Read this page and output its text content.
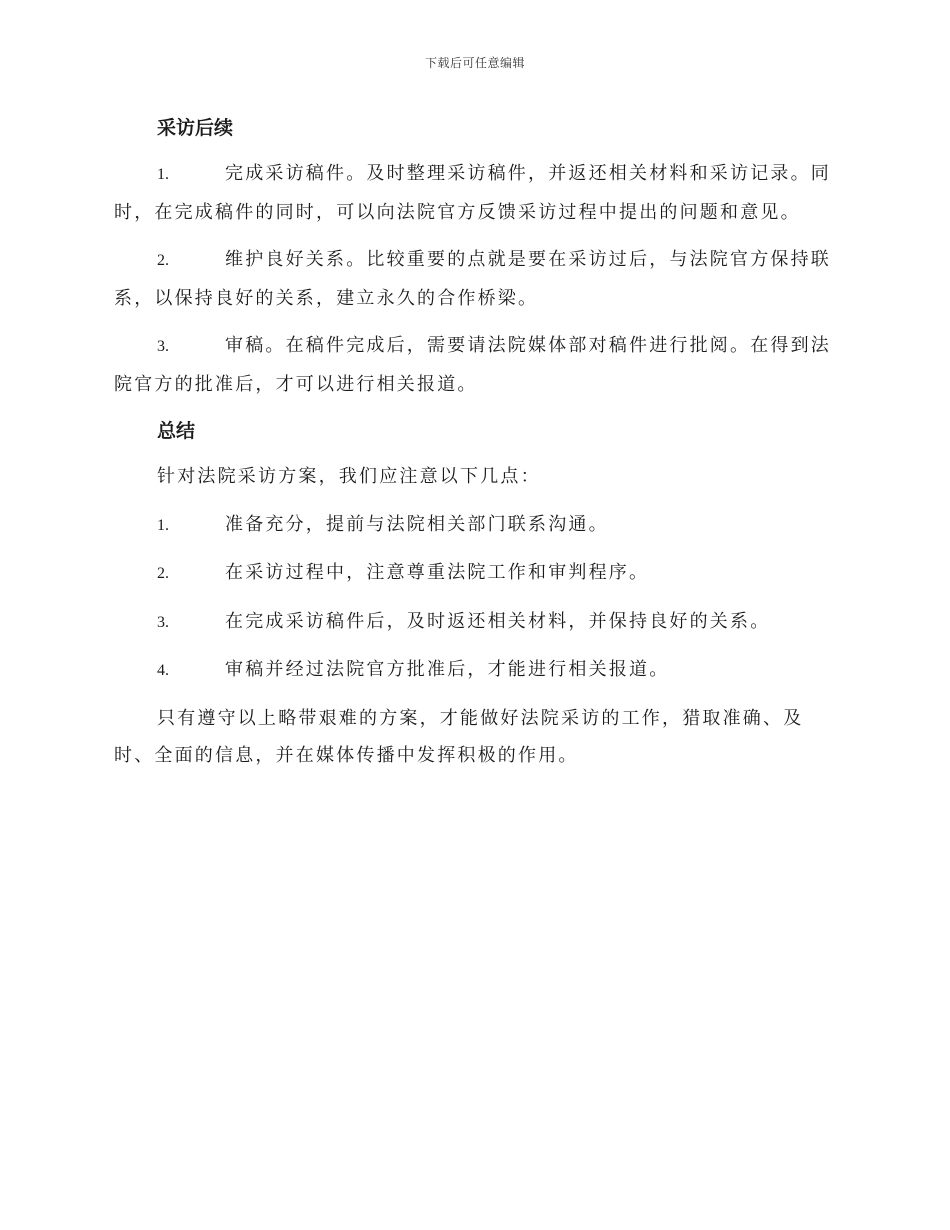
下载后可任意编辑
采访后续

1.	完成采访稿件。及时整理采访稿件，并返还相关材料和采访记录。同时，在完成稿件的同时，可以向法院官方反馈采访过程中提出的问题和意见。

2.	维护良好关系。比较重要的点就是要在采访过后，与法院官方保持联系，以保持良好的关系，建立永久的合作桥梁。

3.	审稿。在稿件完成后，需要请法院媒体部对稿件进行批阅。在得到法院官方的批准后，才可以进行相关报道。

总结

针对法院采访方案，我们应注意以下几点：

1.	准备充分，提前与法院相关部门联系沟通。

2.	在采访过程中，注意尊重法院工作和审判程序。

3.	在完成采访稿件后，及时返还相关材料，并保持良好的关系。

4.	审稿并经过法院官方批准后，才能进行相关报道。

只有遵守以上略带艰难的方案，才能做好法院采访的工作，猎取准确、及时、全面的信息，并在媒体传播中发挥积极的作用。
